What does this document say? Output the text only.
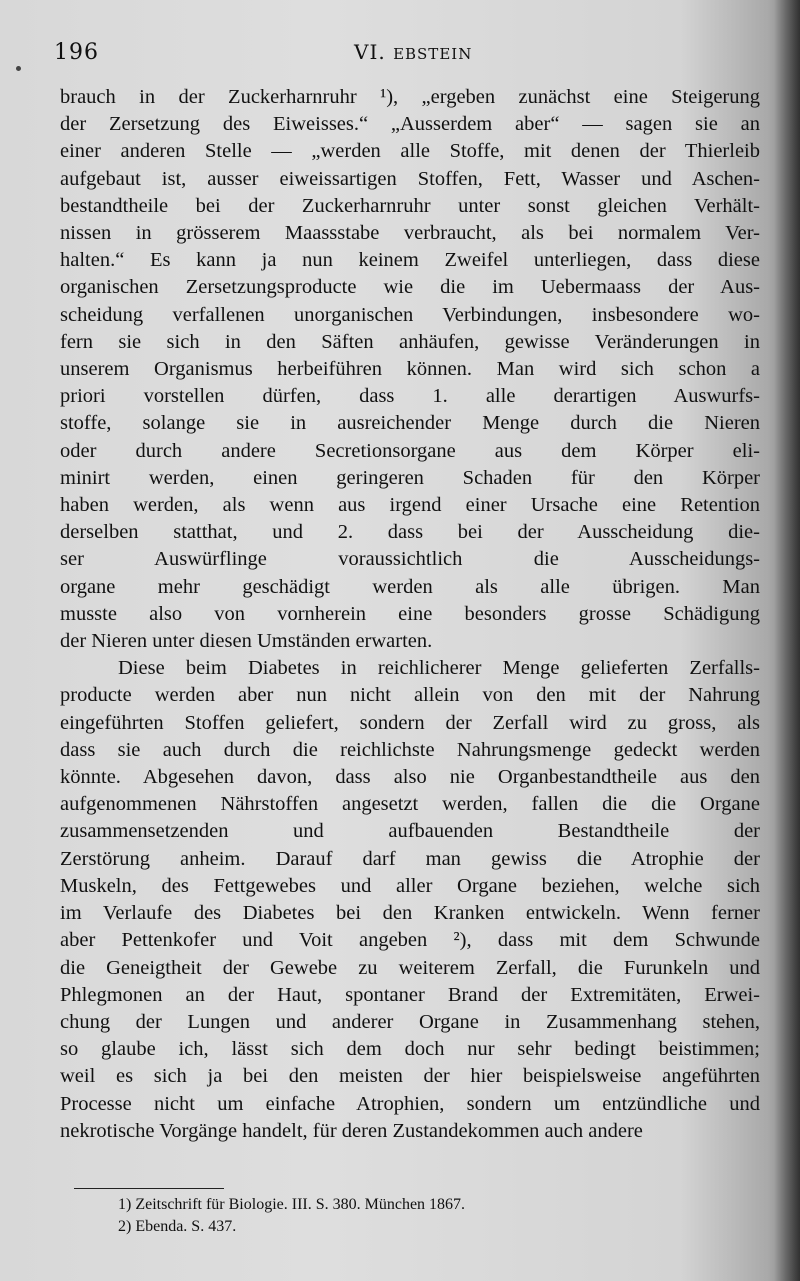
196	VI. EBSTEIN

brauch in der Zuckerharnruhr ¹), „ergeben zunächst eine Steigerung
der Zersetzung des Eiweisses.“ „Ausserdem aber“ — sagen sie an
einer anderen Stelle — „werden alle Stoffe, mit denen der Thierleib
aufgebaut ist, ausser eiweissartigen Stoffen, Fett, Wasser und Aschen-
bestandtheile bei der Zuckerharnruhr unter sonst gleichen Verhält-
nissen in grösserem Maassstabe verbraucht, als bei normalem Ver-
halten.“ Es kann ja nun keinem Zweifel unterliegen, dass diese
organischen Zersetzungsproducte wie die im Uebermaass der Aus-
scheidung verfallenen unorganischen Verbindungen, insbesondere wo-
fern sie sich in den Säften anhäufen, gewisse Veränderungen in
unserem Organismus herbeiführen können. Man wird sich schon a
priori vorstellen dürfen, dass 1. alle derartigen Auswurfs-
stoffe, solange sie in ausreichender Menge durch die Nieren
oder durch andere Secretionsorgane aus dem Körper eli-
minirt werden, einen geringeren Schaden für den Körper
haben werden, als wenn aus irgend einer Ursache eine Retention
derselben statthat, und 2. dass bei der Ausscheidung die-
ser Auswürflinge voraussichtlich die Ausscheidungs-
organe mehr geschädigt werden als alle übrigen. Man
musste also von vornherein eine besonders grosse Schädigung
der Nieren unter diesen Umständen erwarten.

Diese beim Diabetes in reichlicherer Menge gelieferten Zerfalls-
producte werden aber nun nicht allein von den mit der Nahrung
eingeführten Stoffen geliefert, sondern der Zerfall wird zu gross, als
dass sie auch durch die reichlichste Nahrungsmenge gedeckt werden
könnte. Abgesehen davon, dass also nie Organbestandtheile aus den
aufgenommenen Nährstoffen angesetzt werden, fallen die die Organe
zusammensetzenden und aufbauenden Bestandtheile der
Zerstörung anheim. Darauf darf man gewiss die Atrophie der
Muskeln, des Fettgewebes und aller Organe beziehen, welche sich
im Verlaufe des Diabetes bei den Kranken entwickeln. Wenn ferner
aber Pettenkofer und Voit angeben ²), dass mit dem Schwunde
die Geneigtheit der Gewebe zu weiterem Zerfall, die Furunkeln und
Phlegmonen an der Haut, spontaner Brand der Extremitäten, Erwei-
chung der Lungen und anderer Organe in Zusammenhang stehen,
so glaube ich, lässt sich dem doch nur sehr bedingt beistimmen;
weil es sich ja bei den meisten der hier beispielsweise angeführten
Processe nicht um einfache Atrophien, sondern um entzündliche und
nekrotische Vorgänge handelt, für deren Zustandekommen auch andere

1) Zeitschrift für Biologie. III. S. 380. München 1867.
2) Ebenda. S. 437.
